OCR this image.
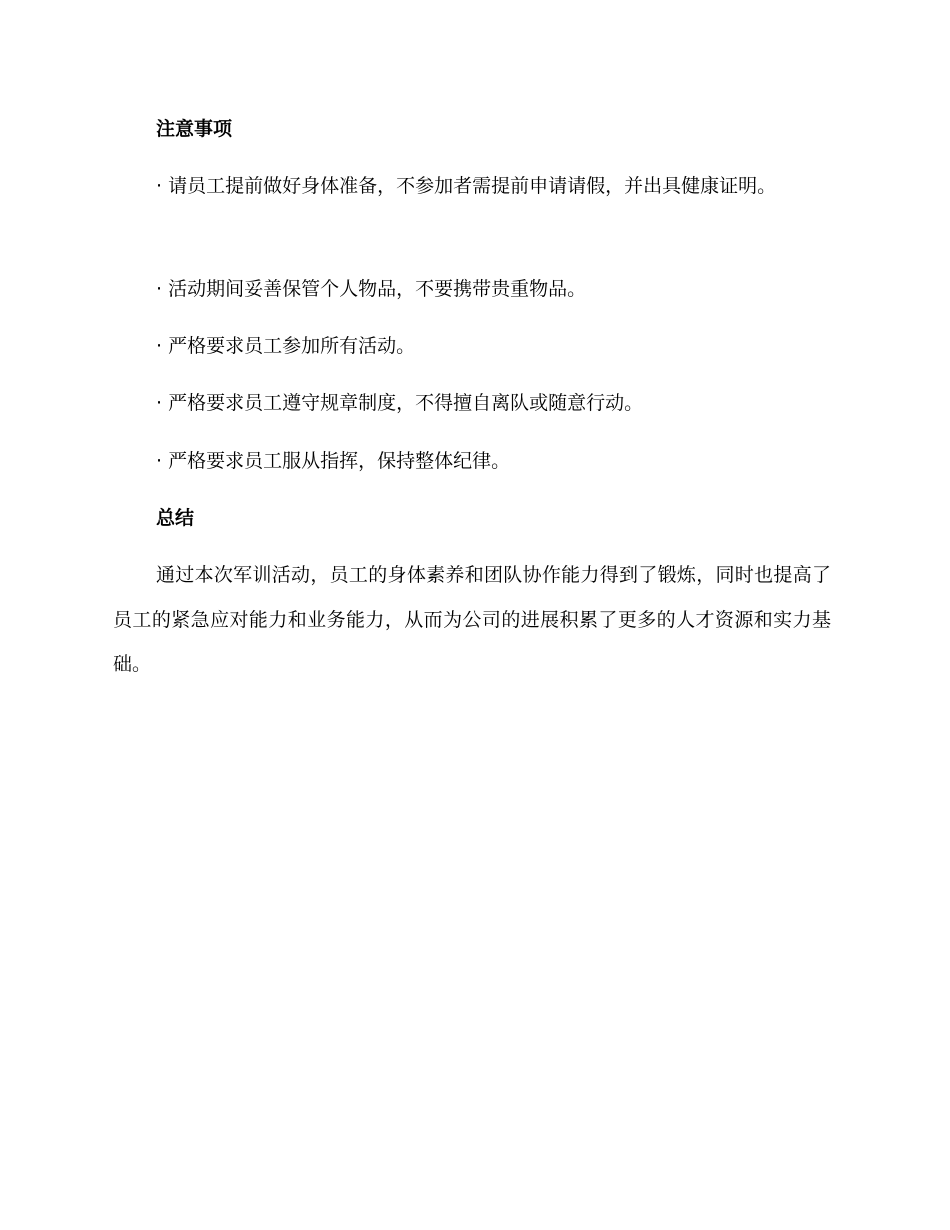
注意事项
· 请员工提前做好身体准备，不参加者需提前申请请假，并出具健康证明。
· 活动期间妥善保管个人物品，不要携带贵重物品。
· 严格要求员工参加所有活动。
· 严格要求员工遵守规章制度，不得擅自离队或随意行动。
· 严格要求员工服从指挥，保持整体纪律。
总结
通过本次军训活动，员工的身体素养和团队协作能力得到了锻炼，同时也提高了员工的紧急应对能力和业务能力，从而为公司的进展积累了更多的人才资源和实力基础。
